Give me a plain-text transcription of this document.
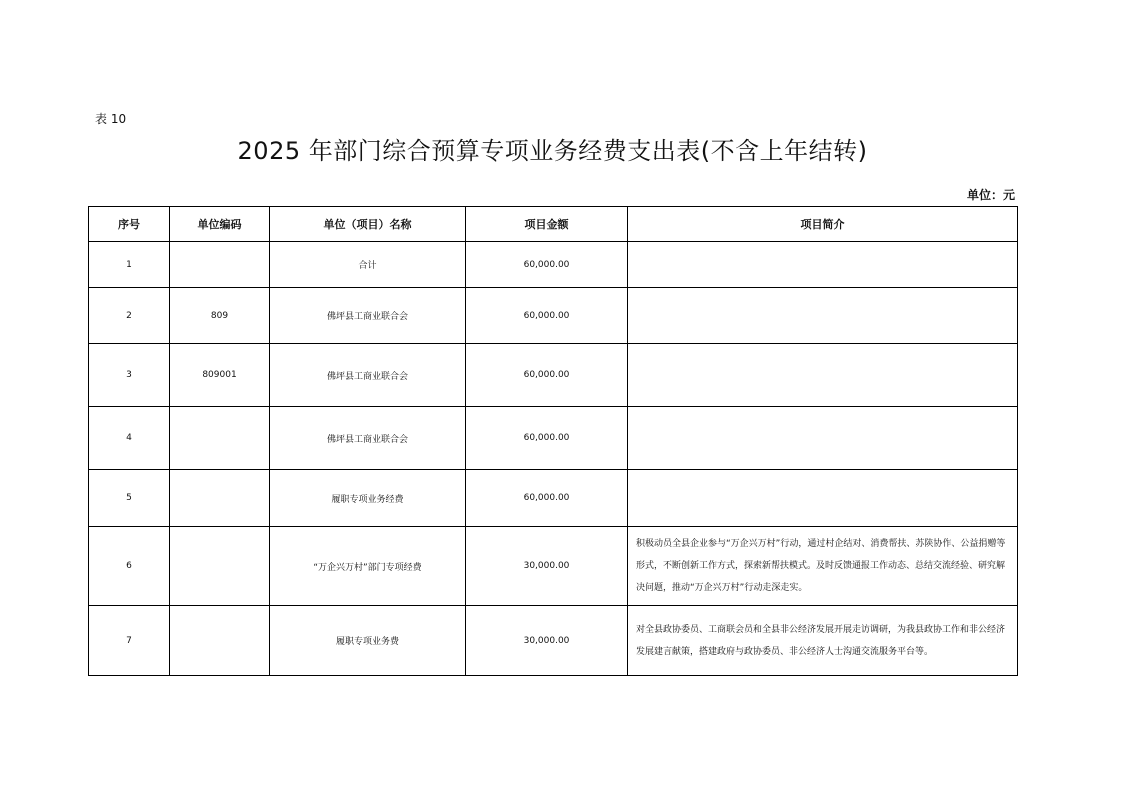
表 10
2025 年部门综合预算专项业务经费支出表(不含上年结转)
单位：元
序号	单位编码	单位（项目）名称	项目金额	项目简介
1		合计	60,000.00	
2	809	佛坪县工商业联合会	60,000.00	
3	809001	佛坪县工商业联合会	60,000.00	
4		佛坪县工商业联合会	60,000.00	
5		履职专项业务经费	60,000.00	
6		“万企兴万村”部门专项经费	30,000.00	积极动员全县企业参与“万企兴万村”行动，通过村企结对、消费帮扶、苏陕协作、公益捐赠等形式，不断创新工作方式，探索新帮扶模式。及时反馈通报工作动态、总结交流经验、研究解决问题，推动“万企兴万村”行动走深走实。
7		履职专项业务费	30,000.00	对全县政协委员、工商联会员和全县非公经济发展开展走访调研，为我县政协工作和非公经济发展建言献策，搭建政府与政协委员、非公经济人士沟通交流服务平台等。
